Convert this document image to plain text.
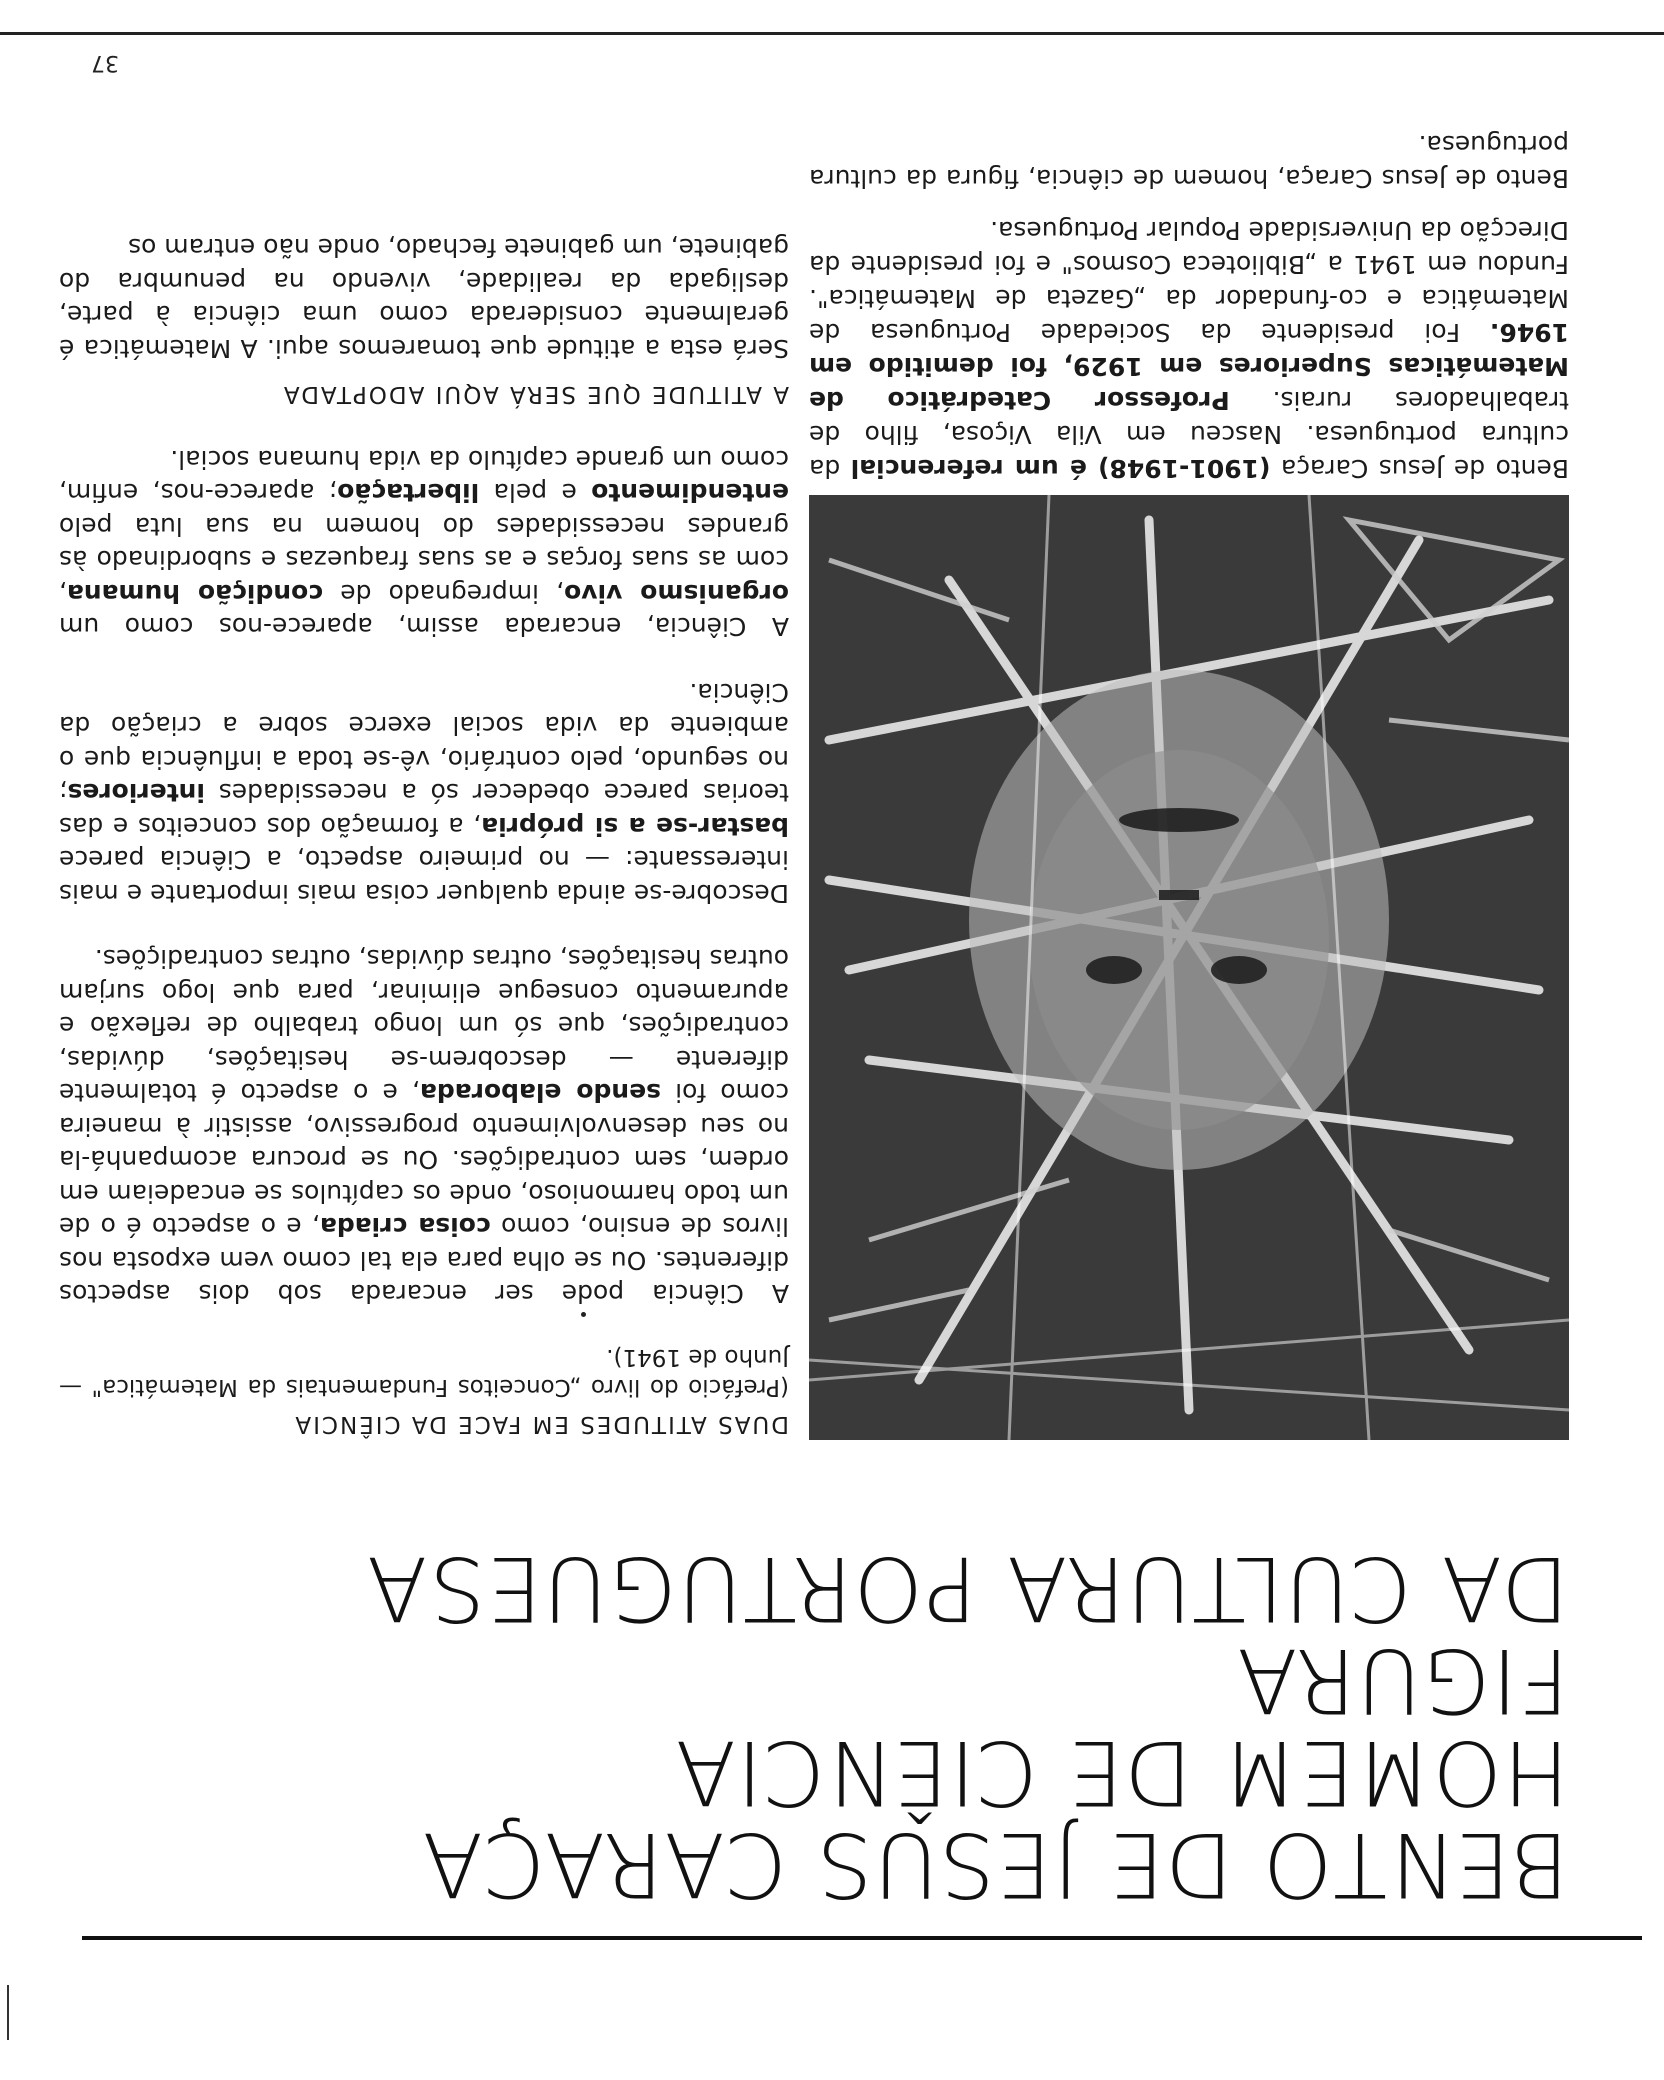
BENTO DE JESUS CARAÇA
HOMEM DE CIÊNCIA
FIGURA
DA CULTURA PORTUGUESA

Bento de Jesus Caraça (1901-1948) é um referencial da cultura portuguesa. Nasceu em Vila Viçosa, filho de trabalhadores rurais. Professor Catedrático de Matemáticas Superiores em 1929, foi demitido em 1946. Foi presidente da Sociedade Portuguesa de Matemática e co-fundador da „Gazeta de Matemática". Fundou em 1941 a „Biblioteca Cosmos" e foi presidente da Direcção da Universidade Popular Portuguesa.

Bento de Jesus Caraça, homem de ciência, figura da cultura portuguesa.

DUAS ATITUDES EM FACE DA CIÊNCIA
(Prefácio do livro „Conceitos Fundamentais da Matemática" — Junho de 1941).

A Ciência pode ser encarada sob dois aspectos diferentes. Ou se olha para ela tal como vem exposta nos livros de ensino, como coisa criada, e o aspecto é o de um todo harmonioso, onde os capítulos se encadeiam em ordem, sem contradições. Ou se procura acompanhá-la no seu desenvolvimento progressivo, assistir à maneira como foi sendo elaborada, e o aspecto é totalmente diferente — descobrem-se hesitações, dúvidas, contradições, que só um longo trabalho de reflexão e apuramento consegue eliminar, para que logo surjam outras hesitações, outras dúvidas, outras contradições.

Descobre-se ainda qualquer coisa mais importante e mais interessante: — no primeiro aspecto, a Ciência parece bastar-se a si própria, a formação dos conceitos e das teorias parece obedecer só a necessidades interiores; no segundo, pelo contrário, vê-se toda a influência que o ambiente da vida social exerce sobre a criação da Ciência.

A Ciência, encarada assim, aparece-nos como um organismo vivo, impregnado de condição humana, com as suas forças e as suas fraquezas e subordinado às grandes necessidades do homem na sua luta pelo entendimento e pela libertação; aparece-nos, enfim, como um grande capítulo da vida humana social.

A ATITUDE QUE SERÁ AQUI ADOPTADA

Será esta a atitude que tomaremos aqui. A Matemática é geralmente considerada como uma ciência à parte, desligada da realidade, vivendo na penumbra do gabinete, um gabinete fechado, onde não entram os

37
